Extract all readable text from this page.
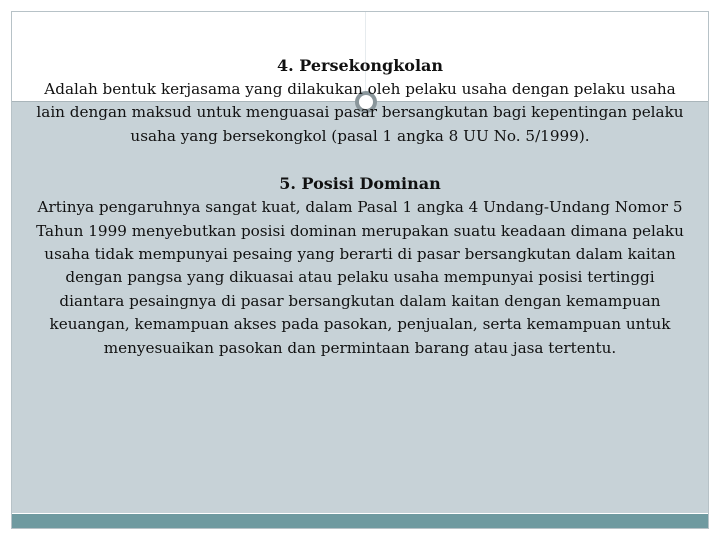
4. Persekongkolan

Adalah bentuk kerjasama yang dilakukan oleh pelaku usaha dengan pelaku usaha lain dengan maksud untuk menguasai pasar bersangkutan bagi kepentingan pelaku usaha yang bersekongkol (pasal 1 angka 8 UU No. 5/1999).

5. Posisi Dominan

Artinya pengaruhnya sangat kuat, dalam Pasal 1 angka 4 Undang-Undang Nomor 5 Tahun 1999 menyebutkan posisi dominan merupakan suatu keadaan dimana pelaku usaha tidak mempunyai pesaing yang berarti di pasar bersangkutan dalam kaitan dengan pangsa yang dikuasai atau pelaku usaha mempunyai posisi tertinggi diantara pesaingnya di pasar bersangkutan dalam kaitan dengan kemampuan keuangan, kemampuan akses pada pasokan, penjualan, serta kemampuan untuk menyesuaikan pasokan dan permintaan barang atau jasa tertentu.
